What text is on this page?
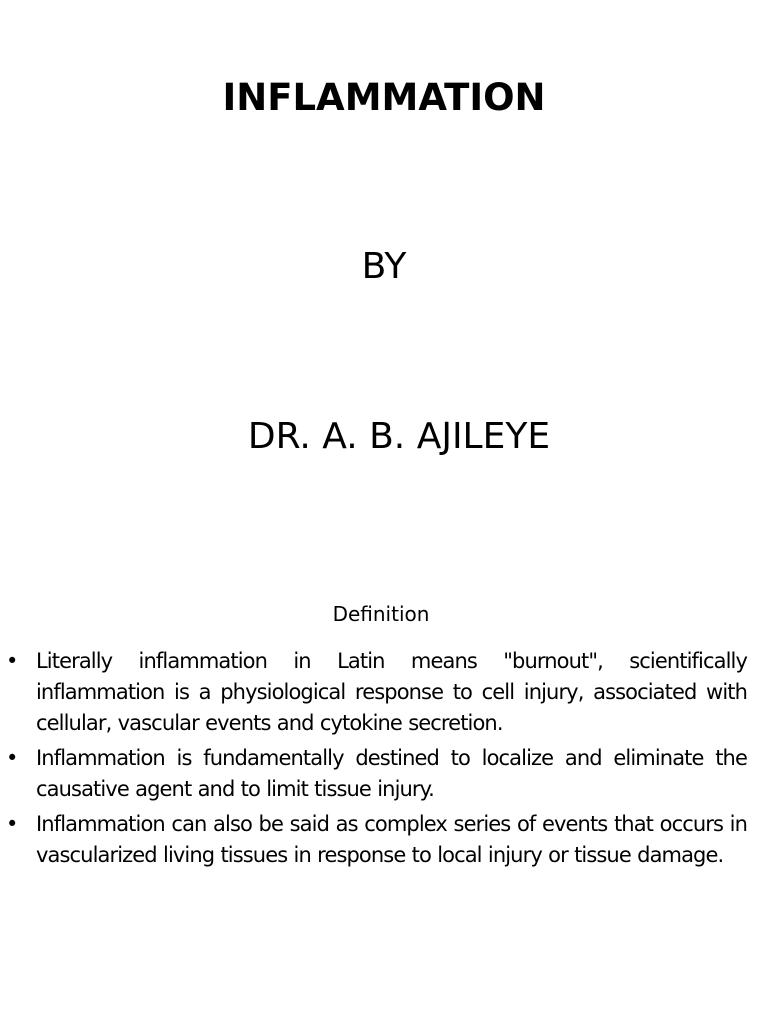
INFLAMMATION
BY
DR. A. B. AJILEYE
Definition
• Literally inflammation in Latin means "burnout", scientifically inflammation is a physiological response to cell injury, associated with cellular, vascular events and cytokine secretion.
• Inflammation is fundamentally destined to localize and eliminate the causative agent and to limit tissue injury.
• Inflammation can also be said as complex series of events that occurs in vascularized living tissues in response to local injury or tissue damage.
